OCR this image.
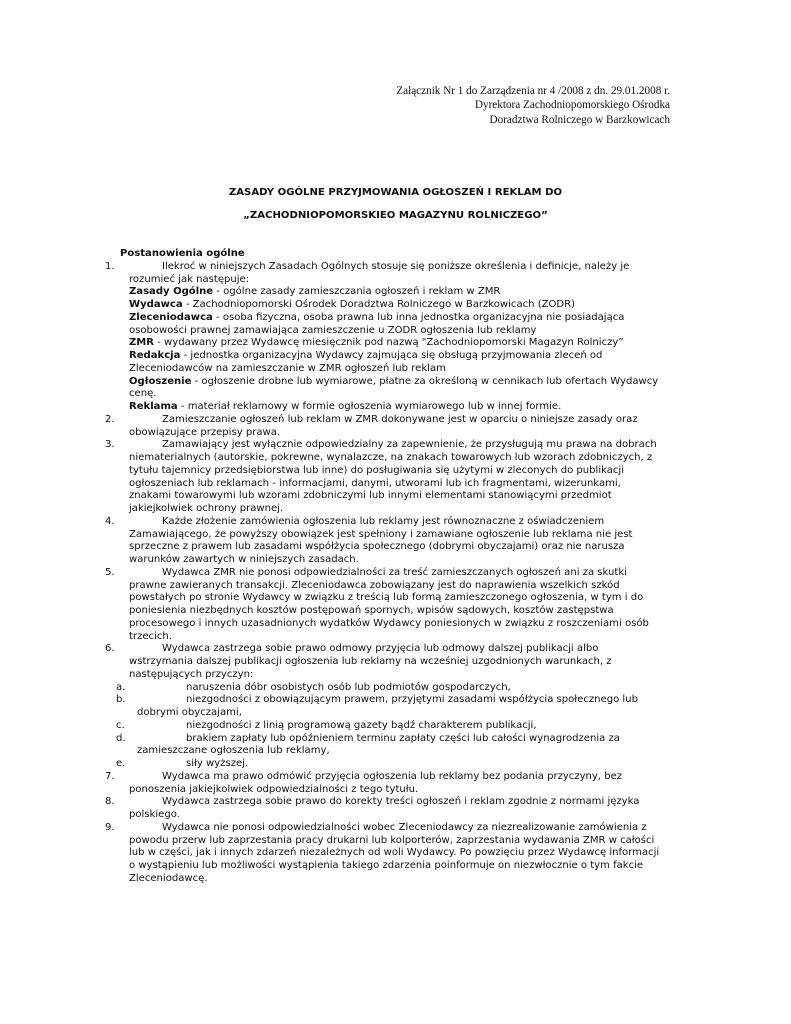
Załącznik Nr 1 do Zarządzenia nr 4 /2008 z dn. 29.01.2008 r.
Dyrektora Zachodniopomorskiego Ośrodka
Doradztwa Rolniczego w Barzkowicach
ZASADY OGÓLNE PRZYJMOWANIA OGŁOSZEŃ I REKLAM DO
„ZACHODNIOPOMORSKIEO MAGAZYNU ROLNICZEGO”
Postanowienia ogólne
1.	Ilekroć w niniejszych Zasadach Ogólnych stosuje się poniższe określenia i definicje, należy je rozumieć jak następuje:
Zasady Ogólne - ogólne zasady zamieszczania ogłoszeń i reklam w ZMR
Wydawca - Zachodniopomorski Ośrodek Doradztwa Rolniczego w Barzkowicach (ZODR)
Zleceniodawca - osoba fizyczna, osoba prawna lub inna jednostka organizacyjna nie posiadająca osobowości prawnej zamawiająca zamieszczenie u ZODR ogłoszenia lub reklamy
ZMR - wydawany przez Wydawcę miesięcznik pod nazwą "Zachodniopomorski Magazyn Rolniczy”
Redakcja - jednostka organizacyjna Wydawcy zajmująca się obsługą przyjmowania zleceń od Zleceniodawców na zamieszczanie w ZMR ogłoszeń lub reklam
Ogłoszenie - ogłoszenie drobne lub wymiarowe, płatne za określoną w cennikach lub ofertach Wydawcy cenę.
Reklama - materiał reklamowy w formie ogłoszenia wymiarowego lub w innej formie.
2.	Zamieszczanie ogłoszeń lub reklam w ZMR dokonywane jest w oparciu o niniejsze zasady oraz obowiązujące przepisy prawa.
3.	Zamawiający jest wyłącznie odpowiedzialny za zapewnienie, że przysługują mu prawa na dobrach niematerialnych (autorskie, pokrewne, wynalazcze, na znakach towarowych lub wzorach zdobniczych, z tytułu tajemnicy przedsiębiorstwa lub inne) do posługiwania się użytymi w zleconych do publikacji ogłoszeniach lub reklamach - informacjami, danymi, utworami lub ich fragmentami, wizerunkami, znakami towarowymi lub wzorami zdobniczymi lub innymi elementami stanowiącymi przedmiot jakiejkolwiek ochrony prawnej.
4.	Każde złożenie zamówienia ogłoszenia lub reklamy jest równoznaczne z oświadczeniem Zamawiającego, że powyższy obowiązek jest spełniony i zamawiane ogłoszenie lub reklama nie jest sprzeczne z prawem lub zasadami współżycia społecznego (dobrymi obyczajami) oraz nie narusza warunków zawartych w niniejszych zasadach.
5.	Wydawca ZMR nie ponosi odpowiedzialności za treść zamieszczanych ogłoszeń ani za skutki prawne zawieranych transakcji. Zleceniodawca zobowiązany jest do naprawienia wszelkich szkód powstałych po stronie Wydawcy w związku z treścią lub formą zamieszczonego ogłoszenia, w tym i do poniesienia niezbędnych kosztów postępowań spornych, wpisów sądowych, kosztów zastępstwa procesowego i innych uzasadnionych wydatków Wydawcy poniesionych w związku z roszczeniami osób trzecich.
6.	Wydawca zastrzega sobie prawo odmowy przyjęcia lub odmowy dalszej publikacji albo wstrzymania dalszej publikacji ogłoszenia lub reklamy na wcześniej uzgodnionych warunkach, z następujących przyczyn:
a.	naruszenia dóbr osobistych osób lub podmiotów gospodarczych,
b.	niezgodności z obowiązującym prawem, przyjętymi zasadami współżycia społecznego lub dobrymi obyczajami,
c.	niezgodności z linią programową gazety bądź charakterem publikacji,
d.	brakiem zapłaty lub opóźnieniem terminu zapłaty części lub całości wynagrodzenia za zamieszczane ogłoszenia lub reklamy,
e.	siły wyższej.
7.	Wydawca ma prawo odmówić przyjęcia ogłoszenia lub reklamy bez podania przyczyny, bez ponoszenia jakiejkolwiek odpowiedzialności z tego tytułu.
8.	Wydawca zastrzega sobie prawo do korekty treści ogłoszeń i reklam zgodnie z normami języka polskiego.
9.	Wydawca nie ponosi odpowiedzialności wobec Zleceniodawcy za niezrealizowanie zamówienia z powodu przerw lub zaprzestania pracy drukarni lub kolporterów, zaprzestania wydawania ZMR w całości lub w części, jak i innych zdarzeń niezależnych od woli Wydawcy. Po powzięciu przez Wydawcę informacji o wystąpieniu lub możliwości wystąpienia takiego zdarzenia poinformuje on niezwłocznie o tym fakcie Zleceniodawcę.
